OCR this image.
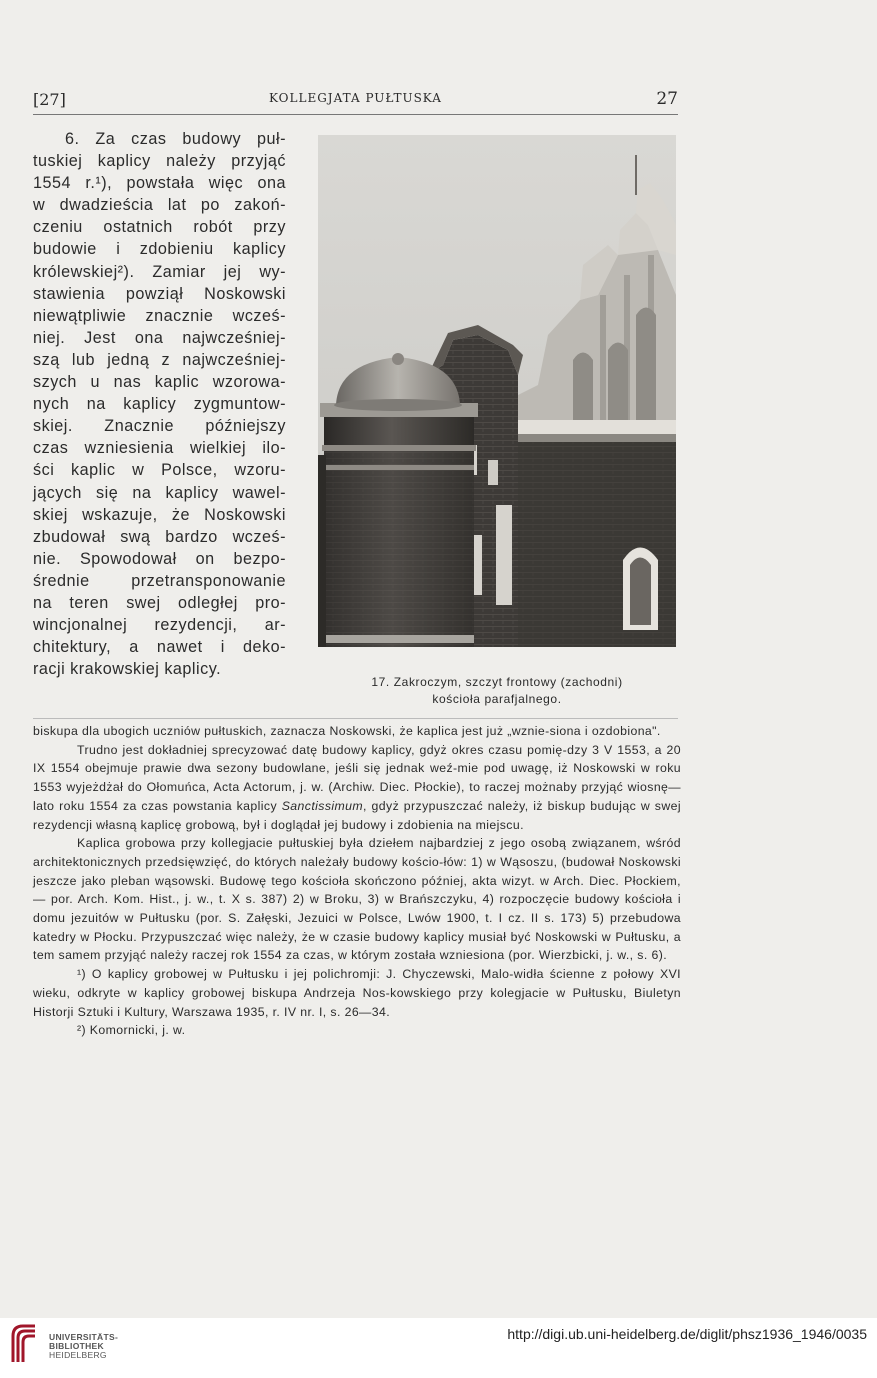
[27]	KOLLEGJATA PUŁTUSKA	27
6. Za czas budowy puł-
tuskiej kaplicy należy przyjąć
1554 r.¹), powstała więc ona
w dwadzieścia lat po zakoń-
czeniu ostatnich robót przy
budowie i zdobieniu kaplicy
królewskiej²). Zamiar jej wy-
stawienia powziął Noskowski
niewątpliwie znacznie wcześ-
niej. Jest ona najwcześniej-
szą lub jedną z najwcześniej-
szych u nas kaplic wzorowa-
nych na kaplicy zygmuntow-
skiej. Znacznie późniejszy
czas wzniesienia wielkiej ilo-
ści kaplic w Polsce, wzoru-
jących się na kaplicy wawel-
skiej wskazuje, że Noskowski
zbudował swą bardzo wcześ-
nie. Spowodował on bezpo-
średnie przetransponowanie
na teren swej odległej pro-
wincjonalnej rezydencji, ar-
chitektury, a nawet i deko-
racji krakowskiej kaplicy.
17. Zakroczym, szczyt frontowy (zachodni)
kościoła parafjalnego.

biskupa dla ubogich uczniów pułtuskich, zaznacza Noskowski, że kaplica jest już „wznie-siona i ozdobiona".

Trudno jest dokładniej sprecyzować datę budowy kaplicy, gdyż okres czasu pomię-dzy 3 V 1553, a 20 IX 1554 obejmuje prawie dwa sezony budowlane, jeśli się jednak weź-mie pod uwagę, iż Noskowski w roku 1553 wyjeżdżał do Ołomuńca, Acta Actorum, j. w. (Archiw. Diec. Płockie), to raczej możnaby przyjąć wiosnę—lato roku 1554 za czas powstania kaplicy Sanctissimum, gdyż przypuszczać należy, iż biskup budując w swej rezydencji własną kaplicę grobową, był i doglądał jej budowy i zdobienia na miejscu.

Kaplica grobowa przy kollegjacie pułtuskiej była dziełem najbardziej z jego osobą związanem, wśród architektonicznych przedsięwzięć, do których należały budowy kościo-łów: 1) w Wąsoszu, (budował Noskowski jeszcze jako pleban wąsowski. Budowę tego kościoła skończono później, akta wizyt. w Arch. Diec. Płockiem, — por. Arch. Kom. Hist., j. w., t. X s. 387) 2) w Broku, 3) w Brańszczyku, 4) rozpoczęcie budowy kościoła i domu jezuitów w Pułtusku (por. S. Załęski, Jezuici w Polsce, Lwów 1900, t. I cz. II s. 173) 5) przebudowa katedry w Płocku. Przypuszczać więc należy, że w czasie budowy kaplicy musiał być Noskowski w Pułtusku, a tem samem przyjąć należy raczej rok 1554 za czas, w którym została wzniesiona (por. Wierzbicki, j. w., s. 6).

¹) O kaplicy grobowej w Pułtusku i jej polichromji: J. Chyczewski, Malo-widła ścienne z połowy XVI wieku, odkryte w kaplicy grobowej biskupa Andrzeja Nos-kowskiego przy kolegjacie w Pułtusku, Biuletyn Historji Sztuki i Kultury, Warszawa 1935, r. IV nr. I, s. 26—34.

²) Komornicki, j. w.

UNIVERSITÄTS-
BIBLIOTHEK
HEIDELBERG
http://digi.ub.uni-heidelberg.de/diglit/phsz1936_1946/0035
